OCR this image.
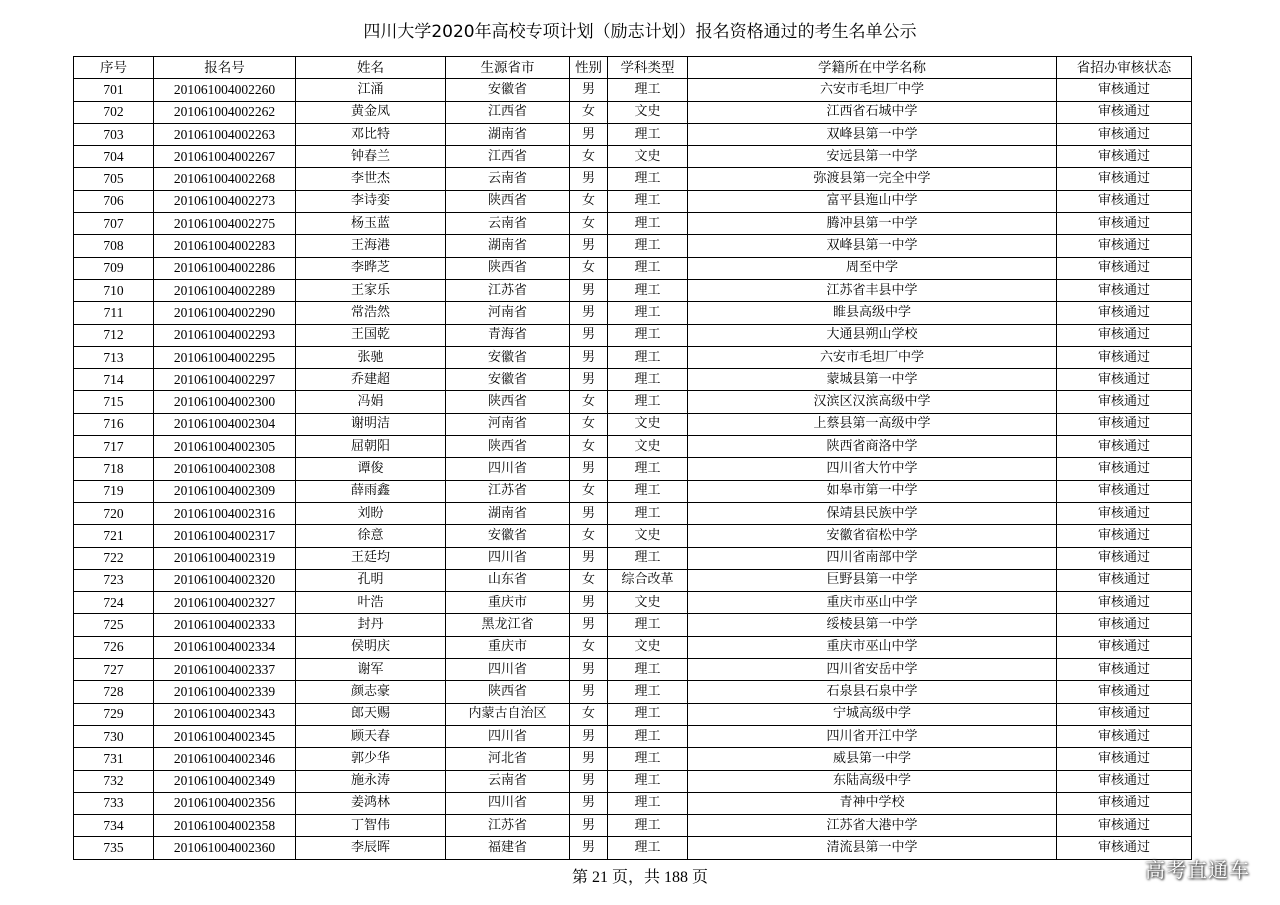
四川大学2020年高校专项计划（励志计划）报名资格通过的考生名单公示
序号	报名号	姓名	生源省市	性别	学科类型	学籍所在中学名称	省招办审核状态
701	201061004002260	江涌	安徽省	男	理工	六安市毛坦厂中学	审核通过
702	201061004002262	黄金凤	江西省	女	文史	江西省石城中学	审核通过
703	201061004002263	邓比特	湖南省	男	理工	双峰县第一中学	审核通过
704	201061004002267	钟春兰	江西省	女	文史	安远县第一中学	审核通过
705	201061004002268	李世杰	云南省	男	理工	弥渡县第一完全中学	审核通过
706	201061004002273	李诗娈	陕西省	女	理工	富平县迤山中学	审核通过
707	201061004002275	杨玉蓝	云南省	女	理工	腾冲县第一中学	审核通过
708	201061004002283	王海港	湖南省	男	理工	双峰县第一中学	审核通过
709	201061004002286	李晔芝	陕西省	女	理工	周至中学	审核通过
710	201061004002289	王家乐	江苏省	男	理工	江苏省丰县中学	审核通过
711	201061004002290	常浩然	河南省	男	理工	睢县高级中学	审核通过
712	201061004002293	王国乾	青海省	男	理工	大通县朔山学校	审核通过
713	201061004002295	张驰	安徽省	男	理工	六安市毛坦厂中学	审核通过
714	201061004002297	乔建超	安徽省	男	理工	蒙城县第一中学	审核通过
715	201061004002300	冯娟	陕西省	女	理工	汉滨区汉滨高级中学	审核通过
716	201061004002304	谢明洁	河南省	女	文史	上蔡县第一高级中学	审核通过
717	201061004002305	屈朝阳	陕西省	女	文史	陕西省商洛中学	审核通过
718	201061004002308	谭俊	四川省	男	理工	四川省大竹中学	审核通过
719	201061004002309	薛雨鑫	江苏省	女	理工	如皋市第一中学	审核通过
720	201061004002316	刘盼	湖南省	男	理工	保靖县民族中学	审核通过
721	201061004002317	徐意	安徽省	女	文史	安徽省宿松中学	审核通过
722	201061004002319	王廷均	四川省	男	理工	四川省南部中学	审核通过
723	201061004002320	孔明	山东省	女	综合改革	巨野县第一中学	审核通过
724	201061004002327	叶浩	重庆市	男	文史	重庆市巫山中学	审核通过
725	201061004002333	封丹	黑龙江省	男	理工	绥棱县第一中学	审核通过
726	201061004002334	侯明庆	重庆市	女	文史	重庆市巫山中学	审核通过
727	201061004002337	谢军	四川省	男	理工	四川省安岳中学	审核通过
728	201061004002339	颜志豪	陕西省	男	理工	石泉县石泉中学	审核通过
729	201061004002343	郎天赐	内蒙古自治区	女	理工	宁城高级中学	审核通过
730	201061004002345	顾天春	四川省	男	理工	四川省开江中学	审核通过
731	201061004002346	郭少华	河北省	男	理工	威县第一中学	审核通过
732	201061004002349	施永涛	云南省	男	理工	东陆高级中学	审核通过
733	201061004002356	姜鸿林	四川省	男	理工	青神中学校	审核通过
734	201061004002358	丁智伟	江苏省	男	理工	江苏省大港中学	审核通过
735	201061004002360	李辰晖	福建省	男	理工	清流县第一中学	审核通过
第 21 页，共 188 页	高考直通车
